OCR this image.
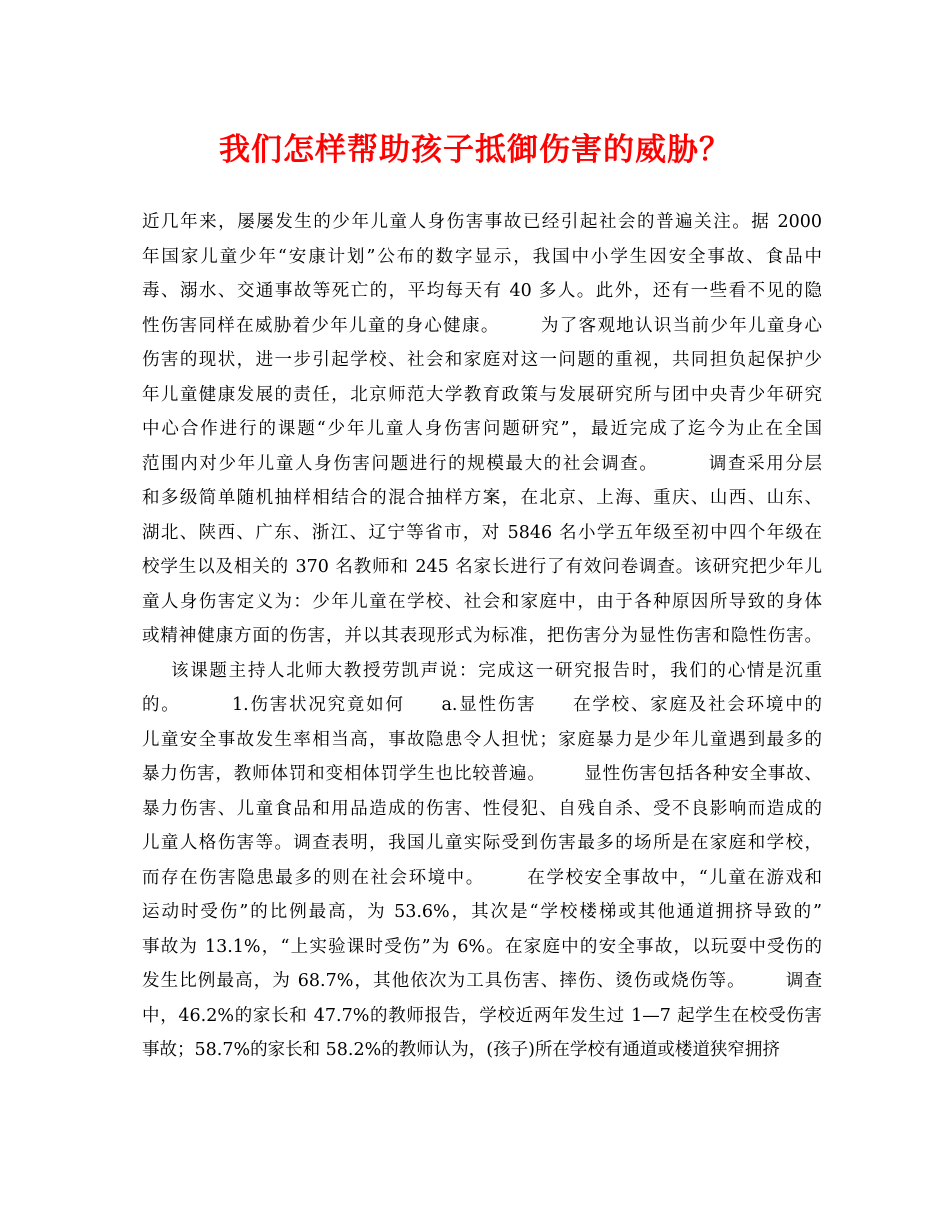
我们怎样帮助孩子抵御伤害的威胁？
近几年来，屡屡发生的少年儿童人身伤害事故已经引起社会的普遍关注。据 2000
年国家儿童少年“安康计划”公布的数字显示，我国中小学生因安全事故、食品中
毒、溺水、交通事故等死亡的，平均每天有 40 多人。此外，还有一些看不见的隐
性伤害同样在威胁着少年儿童的身心健康。      为了客观地认识当前少年儿童身心
伤害的现状，进一步引起学校、社会和家庭对这一问题的重视，共同担负起保护少
年儿童健康发展的责任，北京师范大学教育政策与发展研究所与团中央青少年研究
中心合作进行的课题“少年儿童人身伤害问题研究”，最近完成了迄今为止在全国
范围内对少年儿童人身伤害问题进行的规模最大的社会调查。       调查采用分层
和多级简单随机抽样相结合的混合抽样方案，在北京、上海、重庆、山西、山东、
湖北、陕西、广东、浙江、辽宁等省市，对 5846 名小学五年级至初中四个年级在
校学生以及相关的 370 名教师和 245 名家长进行了有效问卷调查。该研究把少年儿
童人身伤害定义为：少年儿童在学校、社会和家庭中，由于各种原因所导致的身体
或精神健康方面的伤害，并以其表现形式为标准，把伤害分为显性伤害和隐性伤害。
该课题主持人北师大教授劳凯声说：完成这一研究报告时，我们的心情是沉重
的。       1.伤害状况究竟如何     a.显性伤害     在学校、家庭及社会环境中的
儿童安全事故发生率相当高，事故隐患令人担忧；家庭暴力是少年儿童遇到最多的
暴力伤害，教师体罚和变相体罚学生也比较普遍。      显性伤害包括各种安全事故、
暴力伤害、儿童食品和用品造成的伤害、性侵犯、自残自杀、受不良影响而造成的
儿童人格伤害等。调查表明，我国儿童实际受到伤害最多的场所是在家庭和学校，
而存在伤害隐患最多的则在社会环境中。      在学校安全事故中，“儿童在游戏和
运动时受伤”的比例最高，为 53.6%，其次是“学校楼梯或其他通道拥挤导致的”
事故为 13.1%，“上实验课时受伤”为 6%。在家庭中的安全事故，以玩耍中受伤的
发生比例最高，为 68.7%，其他依次为工具伤害、摔伤、烫伤或烧伤等。      调查
中，46.2%的家长和 47.7%的教师报告，学校近两年发生过 1—7 起学生在校受伤害
事故；58.7%的家长和 58.2%的教师认为，(孩子)所在学校有通道或楼道狭窄拥挤
